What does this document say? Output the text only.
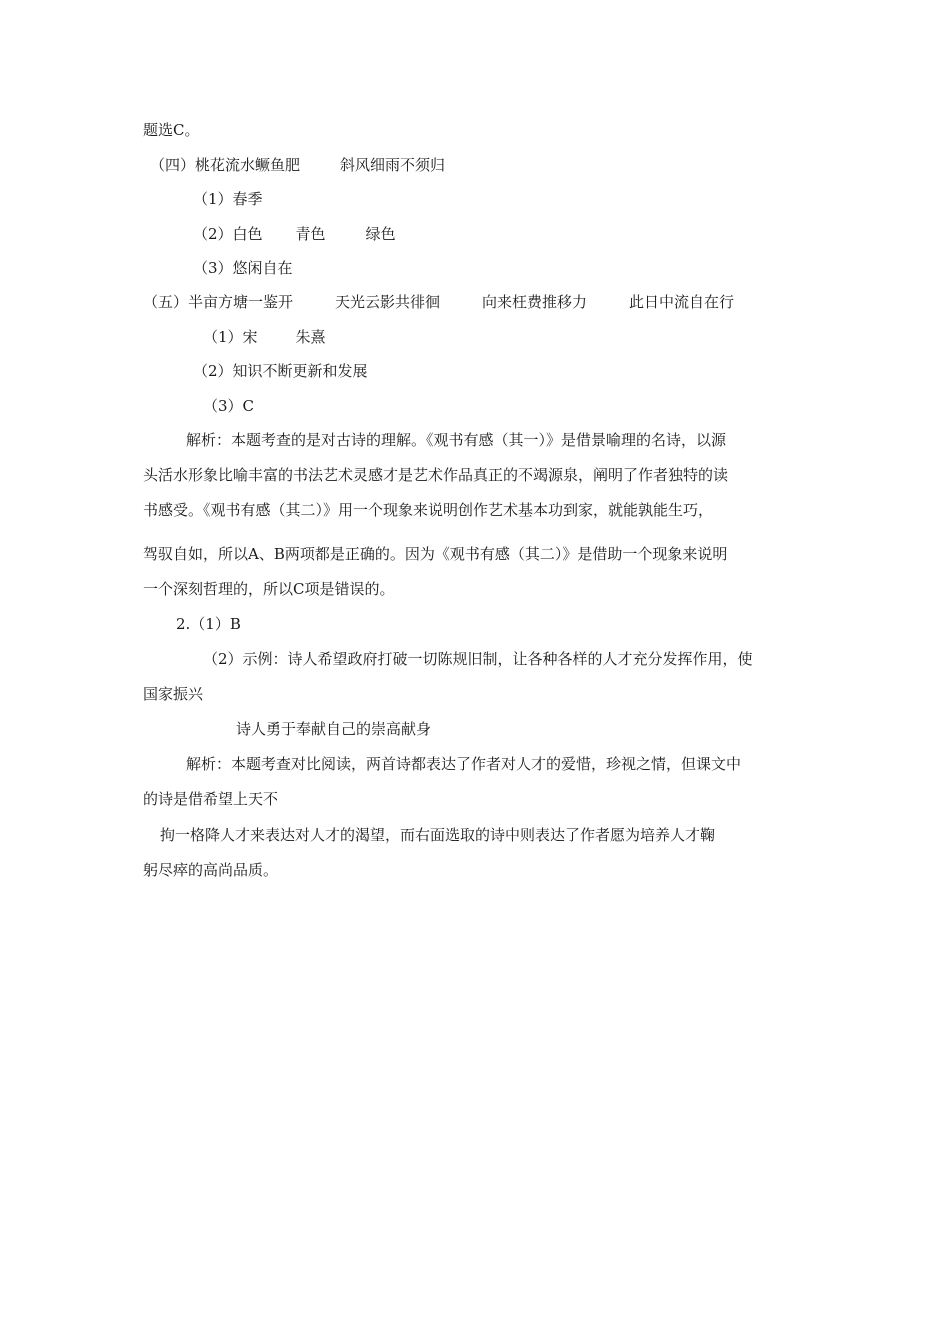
题选C。
（四）桃花流水鳜鱼肥	斜风细雨不须归
（1）春季
（2）白色 青色	绿色
（3）悠闲自在
（五）半亩方塘一鉴开	天光云影共徘徊	向来枉费推移力	此日中流自在行
（1）宋	朱熹
（2）知识不断更新和发展
（3）C
解析：本题考查的是对古诗的理解。《观书有感（其一）》是借景喻理的名诗，以源
头活水形象比喻丰富的书法艺术灵感才是艺术作品真正的不竭源泉，阐明了作者独特的读
书感受。《观书有感（其二）》用一个现象来说明创作艺术基本功到家，就能孰能生巧，
驾驭自如，所以A、B两项都是正确的。因为《观书有感（其二）》是借助一个现象来说明
一个深刻哲理的，所以C项是错误的。
2.（1）B
（2）示例：诗人希望政府打破一切陈规旧制，让各种各样的人才充分发挥作用，使
国家振兴
诗人勇于奉献自己的崇高献身
解析：本题考查对比阅读，两首诗都表达了作者对人才的爱惜，珍视之情，但课文中
的诗是借希望上天不
拘一格降人才来表达对人才的渴望，而右面选取的诗中则表达了作者愿为培养人才鞠
躬尽瘁的高尚品质。
